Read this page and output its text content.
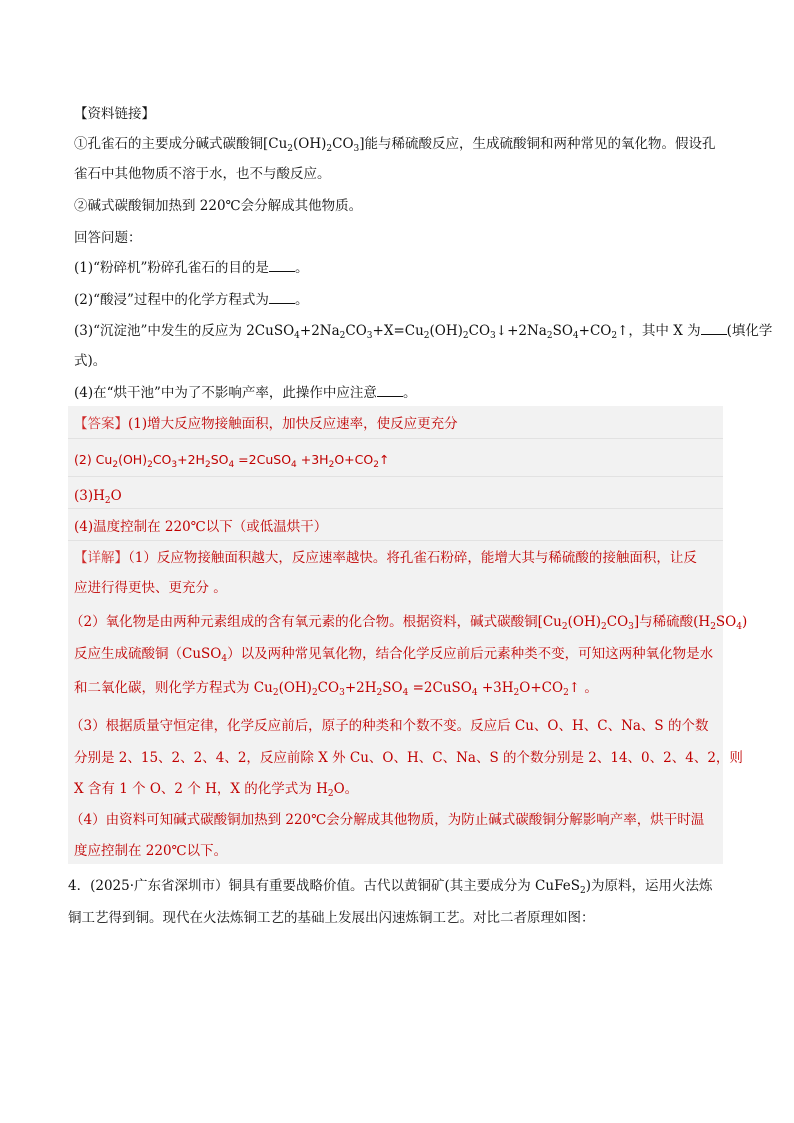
【资料链接】
①孔雀石的主要成分碱式碳酸铜$[Cu_2(OH)_2CO_3]$能与稀硫酸反应，生成硫酸铜和两种常见的氧化物。假设孔
雀石中其他物质不溶于水，也不与酸反应。
②碱式碳酸铜加热到 220℃会分解成其他物质。
回答问题：
(1)“粉碎机”粉碎孔雀石的目的是 。
(2)“酸浸”过程中的化学方程式为 。
(3)“沉淀池”中发生的反应为 $2CuSO_4+2Na_2CO_3+X=Cu_2(OH)_2CO_3↓+2Na_2SO_4+CO_2↑$，其中 X 为 (填化学
式)。
(4)在“烘干池”中为了不影响产率，此操作中应注意 。
【答案】(1)增大反应物接触面积，加快反应速率，使反应更充分
(2) $Cu_2(OH)_2CO_3+2H_2SO_4$ =2CuSO$_4$ $+3H_2O+CO_2↑$
$(3)H_2O$
(4)温度控制在 220℃以下（或低温烘干）
【详解】（1）反应物接触面积越大，反应速率越快。将孔雀石粉碎，能增大其与稀硫酸的接触面积，让反
应进行得更快、更充分 。
（2）氧化物是由两种元素组成的含有氧元素的化合物。根据资料，碱式碳酸铜$[Cu_2(OH)_2CO_3]$与稀硫酸$(H_2SO_4)$
反应生成硫酸铜（CuSO$_4$）以及两种常见氧化物，结合化学反应前后元素种类不变，可知这两种氧化物是水
和二氧化碳，则化学方程式为 $Cu_2(OH)_2CO_3+2H_2SO_4$ =2CuSO$_4$ $+3H_2O+CO_2↑$ 。
（3）根据质量守恒定律，化学反应前后，原子的种类和个数不变。反应后 Cu、O、H、C、Na、S 的个数
分别是 2、15、2、2、4、2，反应前除 X 外 Cu、O、H、C、Na、S 的个数分别是 2、14、0、2、4、2，则
X 含有 1 个 O、2 个 H，X 的化学式为 $H_2O$。
（4）由资料可知碱式碳酸铜加热到 220℃会分解成其他物质，为防止碱式碳酸铜分解影响产率，烘干时温
度应控制在 220℃以下。
4．(2025·广东省深圳市）铜具有重要战略价值。古代以黄铜矿(其主要成分为 CuFeS$_2$)为原料，运用火法炼
铜工艺得到铜。现代在火法炼铜工艺的基础上发展出闪速炼铜工艺。对比二者原理如图：
